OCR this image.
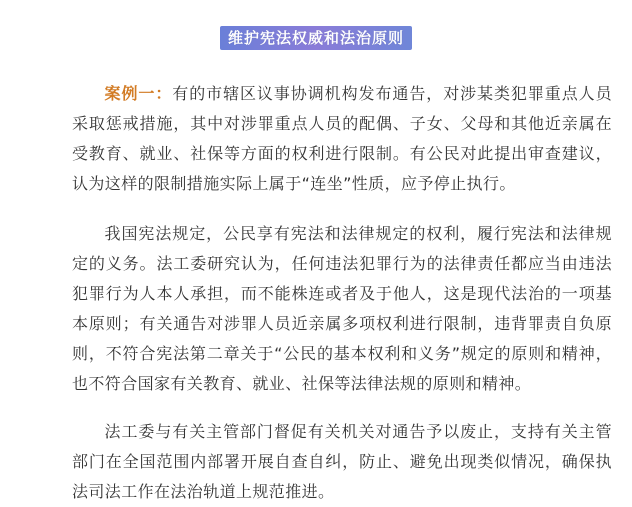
维护宪法权威和法治原则
案例一：有的市辖区议事协调机构发布通告，对涉某类犯罪重点人员采取惩戒措施，其中对涉罪重点人员的配偶、子女、父母和其他近亲属在受教育、就业、社保等方面的权利进行限制。有公民对此提出审查建议，认为这样的限制措施实际上属于“连坐”性质，应予停止执行。
我国宪法规定，公民享有宪法和法律规定的权利，履行宪法和法律规定的义务。法工委研究认为，任何违法犯罪行为的法律责任都应当由违法犯罪行为人本人承担，而不能株连或者及于他人，这是现代法治的一项基本原则；有关通告对涉罪人员近亲属多项权利进行限制，违背罪责自负原则，不符合宪法第二章关于“公民的基本权利和义务”规定的原则和精神，也不符合国家有关教育、就业、社保等法律法规的原则和精神。
法工委与有关主管部门督促有关机关对通告予以废止，支持有关主管部门在全国范围内部署开展自查自纠，防止、避免出现类似情况，确保执法司法工作在法治轨道上规范推进。
